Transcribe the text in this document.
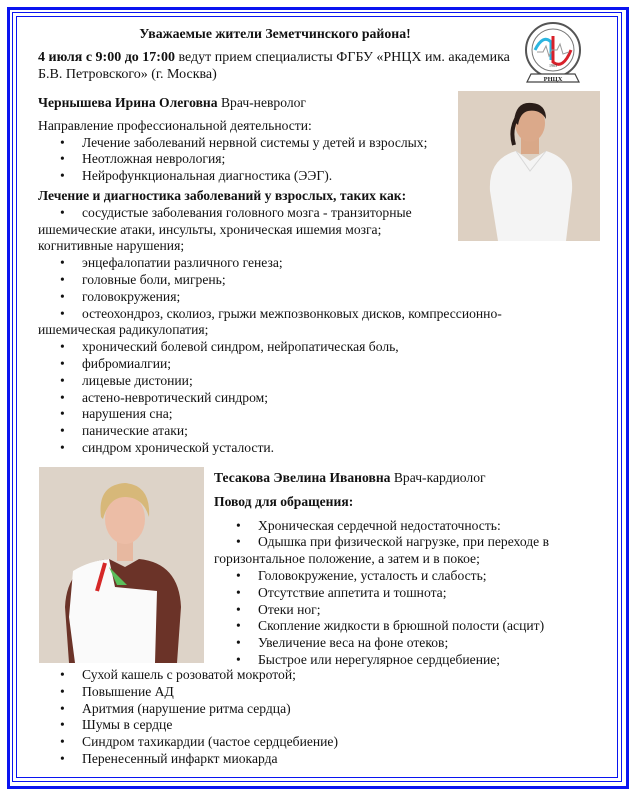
Уважаемые жители Земетчинского района!
4 июля с 9:00 до 17:00 ведут прием специалисты ФГБУ «РНЦХ им. академика Б.В. Петровского» (г. Москва)
1963
РНЦХ
Чернышева Ирина Олеговна Врач-невролог
Направление профессиональной деятельности:
• Лечение заболеваний нервной системы у детей и взрослых;
• Неотложная неврология;
• Нейрофункциональная диагностика (ЭЭГ).
Лечение и диагностика заболеваний у взрослых, таких как:
• сосудистые заболевания головного мозга - транзиторные ишемические атаки, инсульты, хроническая ишемия мозга; когнитивные нарушения;
• энцефалопатии различного генеза;
• головные боли, мигрень;
• головокружения;
• остеохондроз, сколиоз, грыжи межпозвонковых дисков, компрессионно-ишемическая радикулопатия;
• хронический болевой синдром, нейропатическая боль,
• фибромиалгии;
• лицевые дистонии;
• астено-невротический синдром;
• нарушения сна;
• панические атаки;
• синдром хронической усталости.
Тесакова Эвелина Ивановна Врач-кардиолог
Повод для обращения:
• Хроническая сердечной недостаточность:
• Одышка при физической нагрузке, при переходе в горизонтальное положение, а затем и в покое;
• Головокружение, усталость и слабость;
• Отсутствие аппетита и тошнота;
• Отеки ног;
• Скопление жидкости в брюшной полости (асцит)
• Увеличение веса на фоне отеков;
• Быстрое или нерегулярное сердцебиение;
• Сухой кашель с розоватой мокротой;
• Повышение АД
• Аритмия (нарушение ритма сердца)
• Шумы в сердце
• Синдром тахикардии (частое сердцебиение)
• Перенесенный инфаркт миокарда
